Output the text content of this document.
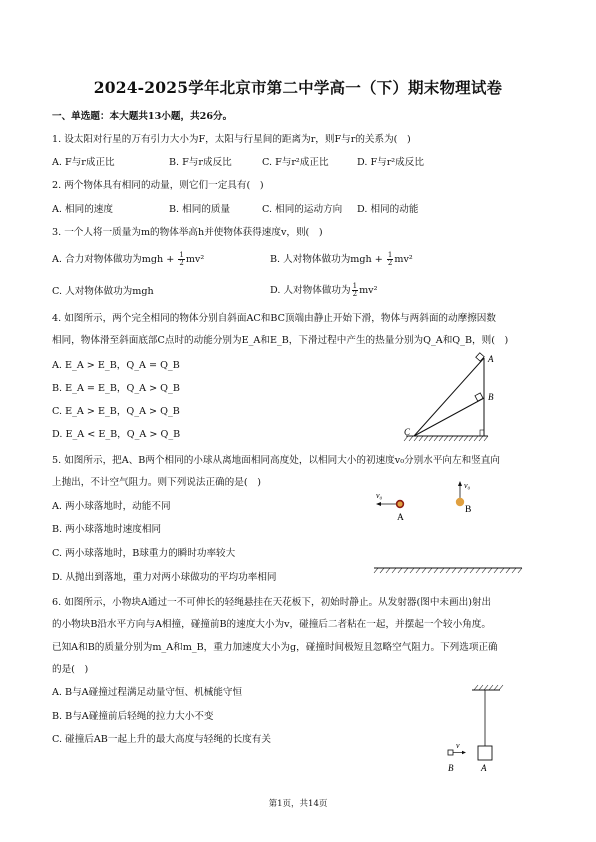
2024-2025学年北京市第二中学高一（下）期末物理试卷
一、单选题：本大题共13小题，共26分。
1. 设太阳对行星的万有引力大小为F，太阳与行星间的距离为r，则F与r的关系为(　)
A. F与r成正比	B. F与r成反比	C. F与r²成正比	D. F与r²成反比
2. 两个物体具有相同的动量，则它们一定具有(　)
A. 相同的速度	B. 相同的质量	C. 相同的运动方向 D. 相同的动能
3. 一个人将一质量为m的物体举高h并使物体获得速度v，则(　)
A. 合力对物体做功为mgh + $\frac{1}{2} mv^2$	B. 人对物体做功为mgh + $\frac{1}{2} mv^2$
C. 人对物体做功为mgh	D. 人对物体做功为 $\frac{1}{2} mv^2$
4. 如图所示，两个完全相同的物体分别自斜面AC和BC顶端由静止开始下滑，物体与两斜面的动摩擦因数
相同，物体滑至斜面底部C点时的动能分别为E_A和E_B，下滑过程中产生的热量分别为Q_A和Q_B，则(　)
A. E_A > E_B，Q_A = Q_B
B. E_A = E_B，Q_A > Q_B
C. E_A > E_B，Q_A > Q_B
D. E_A < E_B，Q_A > Q_B
A
B
C
5. 如图所示，把A、B两个相同的小球从离地面相同高度处，以相同大小的初速度v₀分别水平向左和竖直向
上抛出，不计空气阻力。则下列说法正确的是(　)
A. 两小球落地时，动能不同
B. 两小球落地时速度相同
C. 两小球落地时，B球重力的瞬时功率较大
D. 从抛出到落地，重力对两小球做功的平均功率相同
v₀
A
v₀
B
6. 如图所示，小物块A通过一不可伸长的轻绳悬挂在天花板下，初始时静止。从发射器(图中未画出)射出
的小物块B沿水平方向与A相撞，碰撞前B的速度大小为v，碰撞后二者粘在一起，并摆起一个较小角度。
已知A和B的质量分别为m_A和m_B，重力加速度大小为g，碰撞时间极短且忽略空气阻力。下列选项正确
的是(　)
A. B与A碰撞过程满足动量守恒、机械能守恒
B. B与A碰撞前后轻绳的拉力大小不变
C. 碰撞后AB一起上升的最大高度与轻绳的长度有关
v
B	A
第1页，共14页
